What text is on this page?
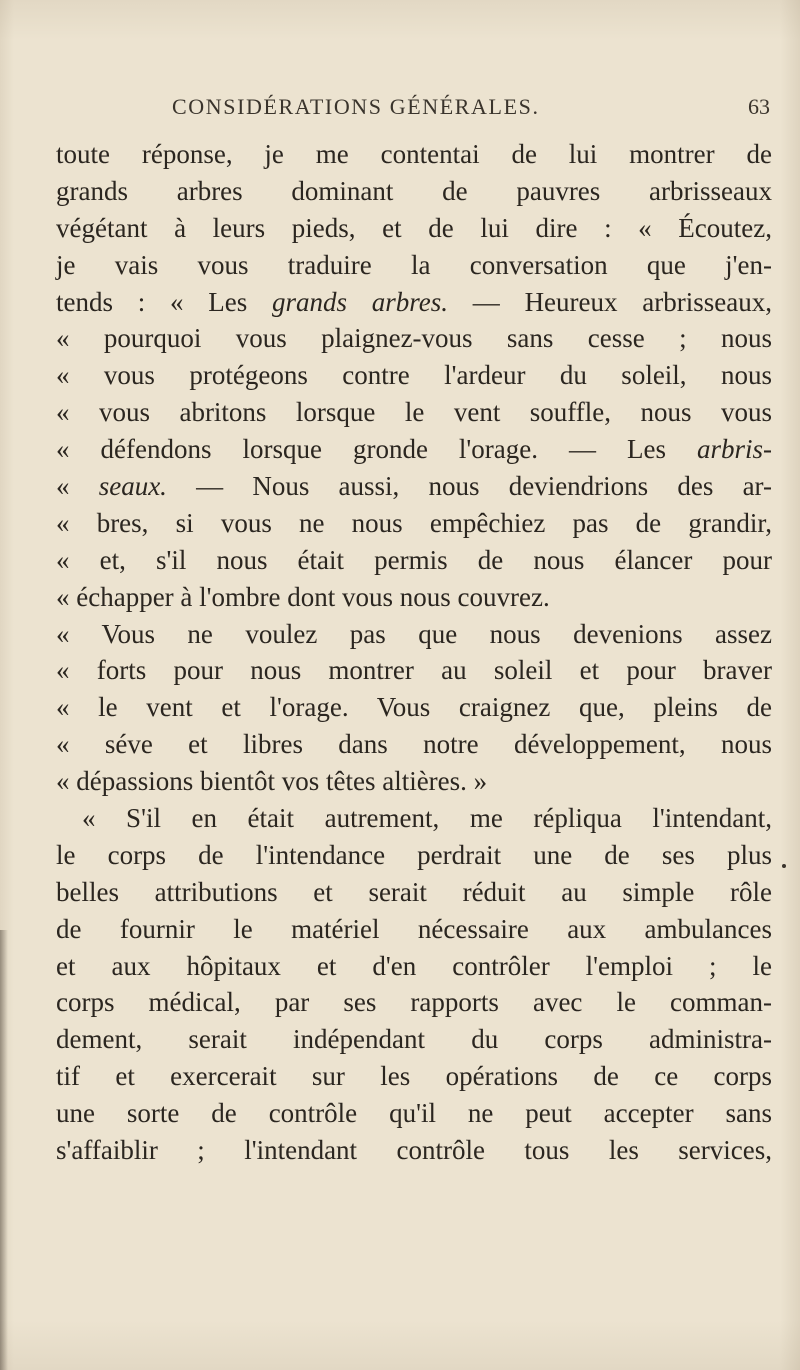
CONSIDÉRATIONS GÉNÉRALES.	63
toute réponse, je me contentai de lui montrer de
grands arbres dominant de pauvres arbrisseaux
végétant à leurs pieds, et de lui dire : « Écoutez,
je vais vous traduire la conversation que j'en-
tends : « Les grands arbres. — Heureux arbrisseaux,
« pourquoi vous plaignez-vous sans cesse ; nous
« vous protégeons contre l'ardeur du soleil, nous
« vous abritons lorsque le vent souffle, nous vous
« défendons lorsque gronde l'orage. — Les arbris-
« seaux. — Nous aussi, nous deviendrions des ar-
« bres, si vous ne nous empêchiez pas de grandir,
« et, s'il nous était permis de nous élancer pour
« échapper à l'ombre dont vous nous couvrez.
« Vous ne voulez pas que nous devenions assez
« forts pour nous montrer au soleil et pour braver
« le vent et l'orage. Vous craignez que, pleins de
« séve et libres dans notre développement, nous
« dépassions bientôt vos têtes altières. »
« S'il en était autrement, me répliqua l'intendant,
le corps de l'intendance perdrait une de ses plus
belles attributions et serait réduit au simple rôle
de fournir le matériel nécessaire aux ambulances
et aux hôpitaux et d'en contrôler l'emploi ; le
corps médical, par ses rapports avec le comman-
dement, serait indépendant du corps administra-
tif et exercerait sur les opérations de ce corps
une sorte de contrôle qu'il ne peut accepter sans
s'affaiblir ; l'intendant contrôle tous les services,
